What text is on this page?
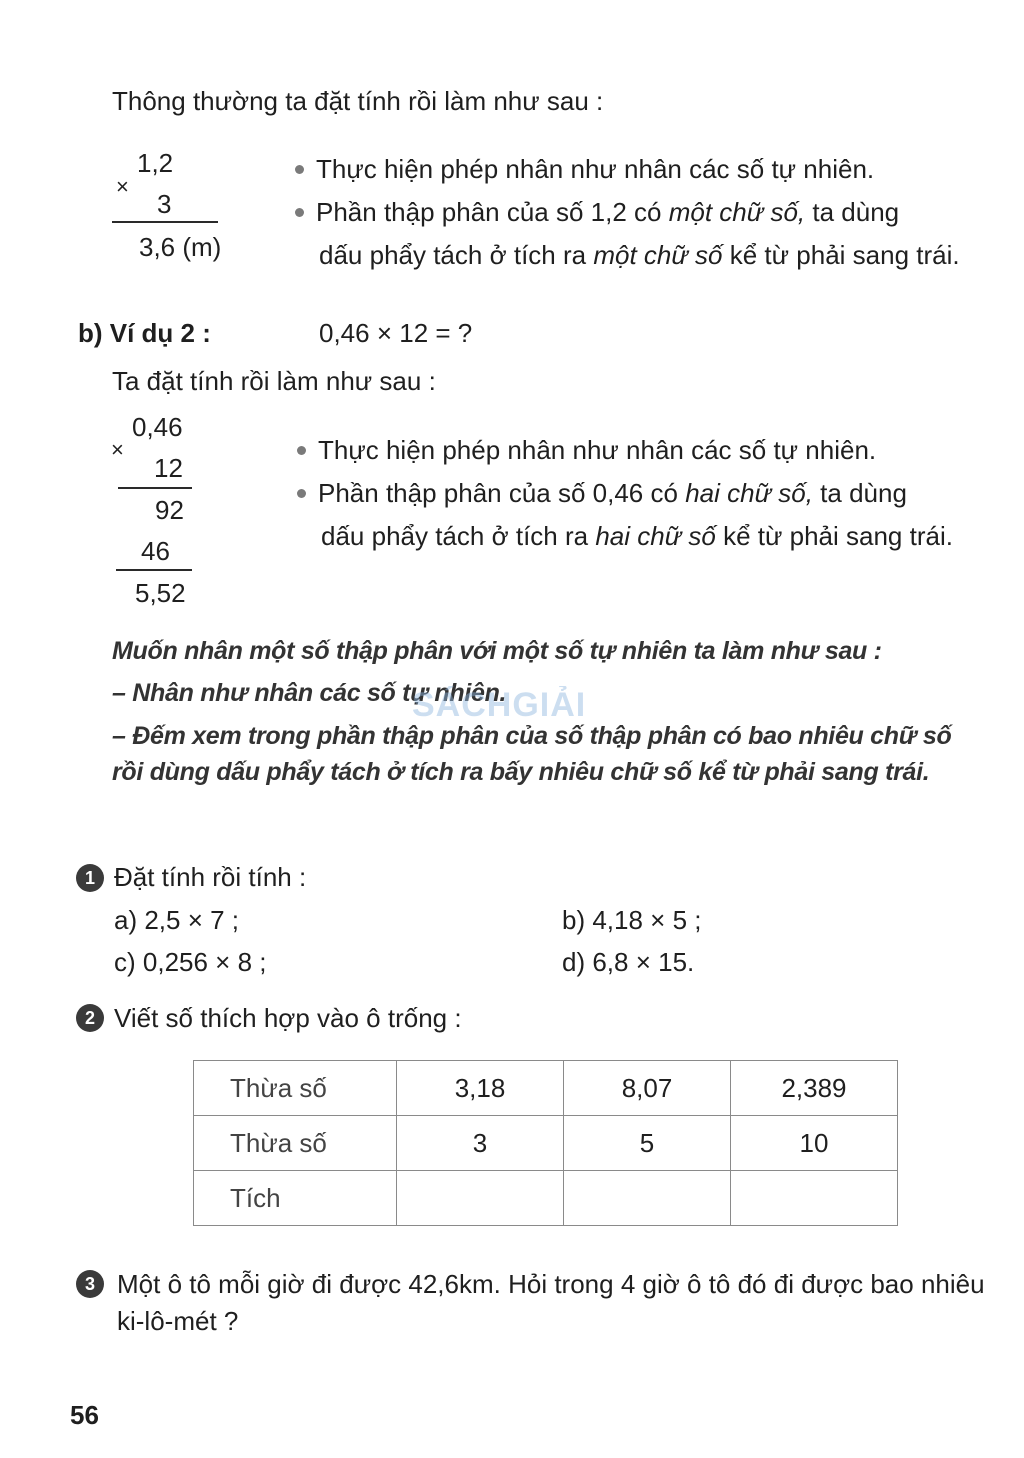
Thông thường ta đặt tính rồi làm như sau :
1,2
×
3
3,6 (m)
Thực hiện phép nhân như nhân các số tự nhiên.
Phần thập phân của số 1,2 có một chữ số, ta dùng
dấu phẩy tách ở tích ra một chữ số kể từ phải sang trái.
b) Ví dụ 2 :	0,46 × 12 = ?
Ta đặt tính rồi làm như sau :
0,46
×
12
92
46
5,52
Thực hiện phép nhân như nhân các số tự nhiên.
Phần thập phân của số 0,46 có hai chữ số, ta dùng
dấu phẩy tách ở tích ra hai chữ số kể từ phải sang trái.
Muốn nhân một số thập phân với một số tự nhiên ta làm như sau :
– Nhân như nhân các số tự nhiên.
– Đếm xem trong phần thập phân của số thập phân có bao nhiêu chữ số
rồi dùng dấu phẩy tách ở tích ra bấy nhiêu chữ số kể từ phải sang trái.
SÁCHGIẢI
1 Đặt tính rồi tính :
a) 2,5 × 7 ;	b) 4,18 × 5 ;
c) 0,256 × 8 ;	d) 6,8 × 15.
2 Viết số thích hợp vào ô trống :
Thừa số	3,18	8,07	2,389
Thừa số	3	5	10
Tích			
3 Một ô tô mỗi giờ đi được 42,6km. Hỏi trong 4 giờ ô tô đó đi được bao nhiêu
ki-lô-mét ?
56
